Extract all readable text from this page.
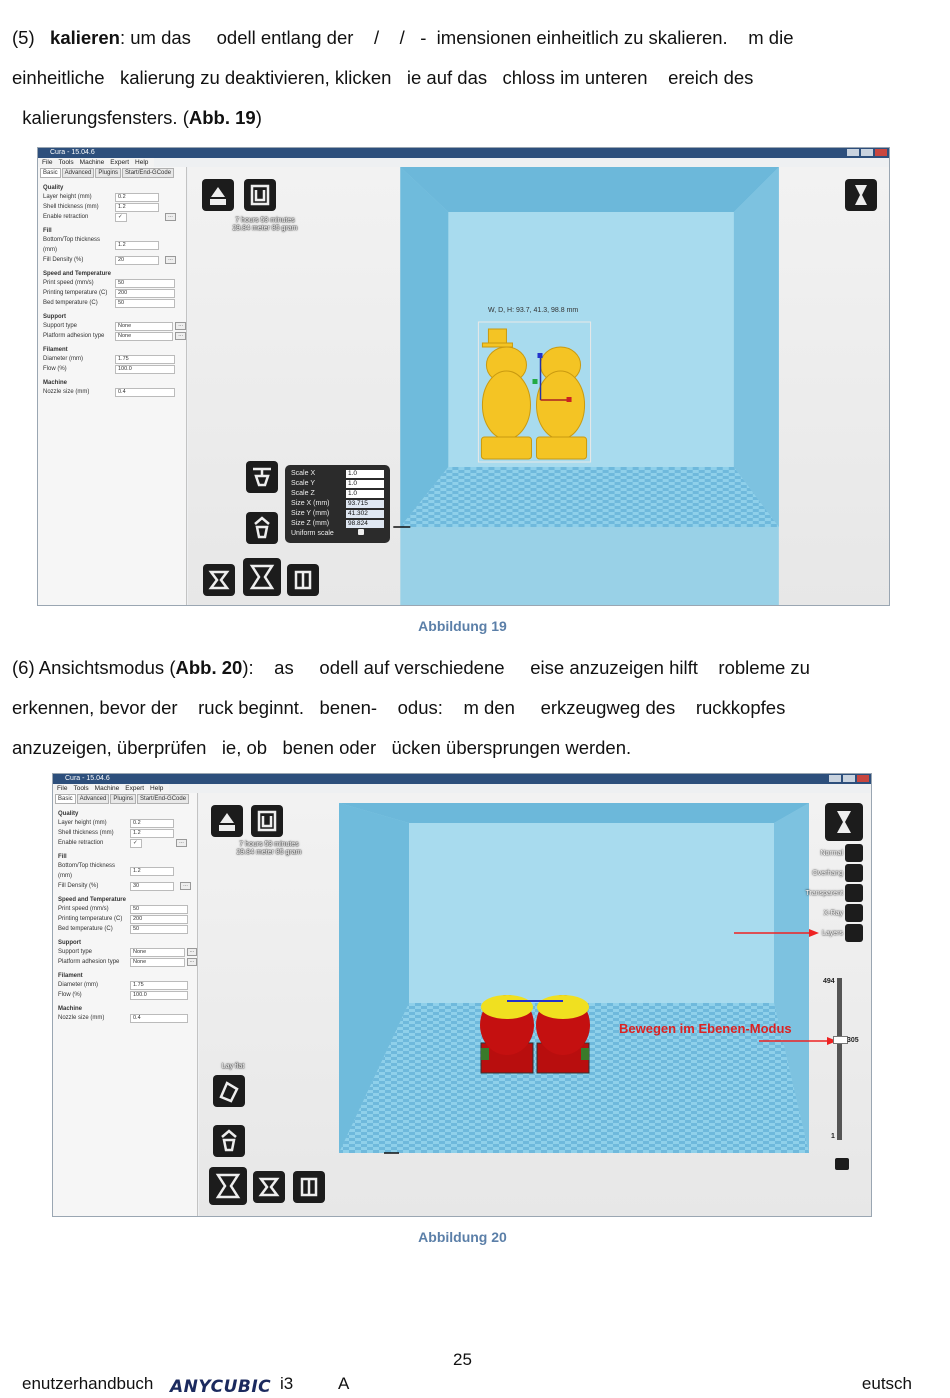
(5)   kalieren: um das     odell entlang der    /    /   -  imensionen einheitlich zu skalieren.    m die
einheitliche   kalierung zu deaktivieren, klicken   ie auf das   chloss im unteren    ereich des
kalierungsfensters. (Abb. 19)
Cura - 15.04.6
File Tools Machine Expert Help
Basic	Advanced	Plugins	Start/End-GCode
Quality
Layer height (mm)	0.2
Shell thickness (mm)	1.2
Enable retraction	✓	…
Fill
Bottom/Top thickness (mm)
1.2
Fill Density (%)	20	…
Speed and Temperature
Print speed (mm/s)	50
Printing temperature (C)	200
Bed temperature (C)	50
Support
Support type	None	…
Platform adhesion type	None	…
Filament
Diameter (mm)	1.75
Flow (%)	100.0
Machine
Nozzle size (mm)	0.4
7 hours 53 minutes
29.84 meter 85 gram
W, D, H: 93.7, 41.3, 98.8 mm
Scale X	1.0
Scale Y	1.0
Scale Z	1.0
Size X (mm)	93.715
Size Y (mm)	41.302
Size Z (mm)	98.824
Uniform scale
Abbildung 19
(6) Ansichtsmodus (Abb. 20):    as     odell auf verschiedene     eise anzuzeigen hilft    robleme zu
erkennen, bevor der    ruck beginnt.   benen-    odus:    m den     erkzeugweg des    ruckkopfes
anzuzeigen, überprüfen   ie, ob   benen oder   ücken übersprungen werden.
Cura - 15.04.6
File Tools Machine Expert Help
Basic	Advanced	Plugins	Start/End-GCode
Quality
Layer height (mm)	0.2
Shell thickness (mm)	1.2
Enable retraction	✓	…
Fill
Bottom/Top thickness (mm)
1.2
Fill Density (%)	30	…
Speed and Temperature
Print speed (mm/s)	50
Printing temperature (C)	200
Bed temperature (C)	50
Support
Support type	None	…
Platform adhesion type	None	…
Filament
Diameter (mm)	1.75
Flow (%)	100.0
Machine
Nozzle size (mm)	0.4
7 hours 53 minutes
29.84 meter 85 gram	Normal
Overhang
Transparent
X-Ray
Layers
Bewegen im Ebenen-Modus
494
305
1
Lay flat
Abbildung 20
25
enutzerhandbuch ANYCUBIC i3	A	eutsch
